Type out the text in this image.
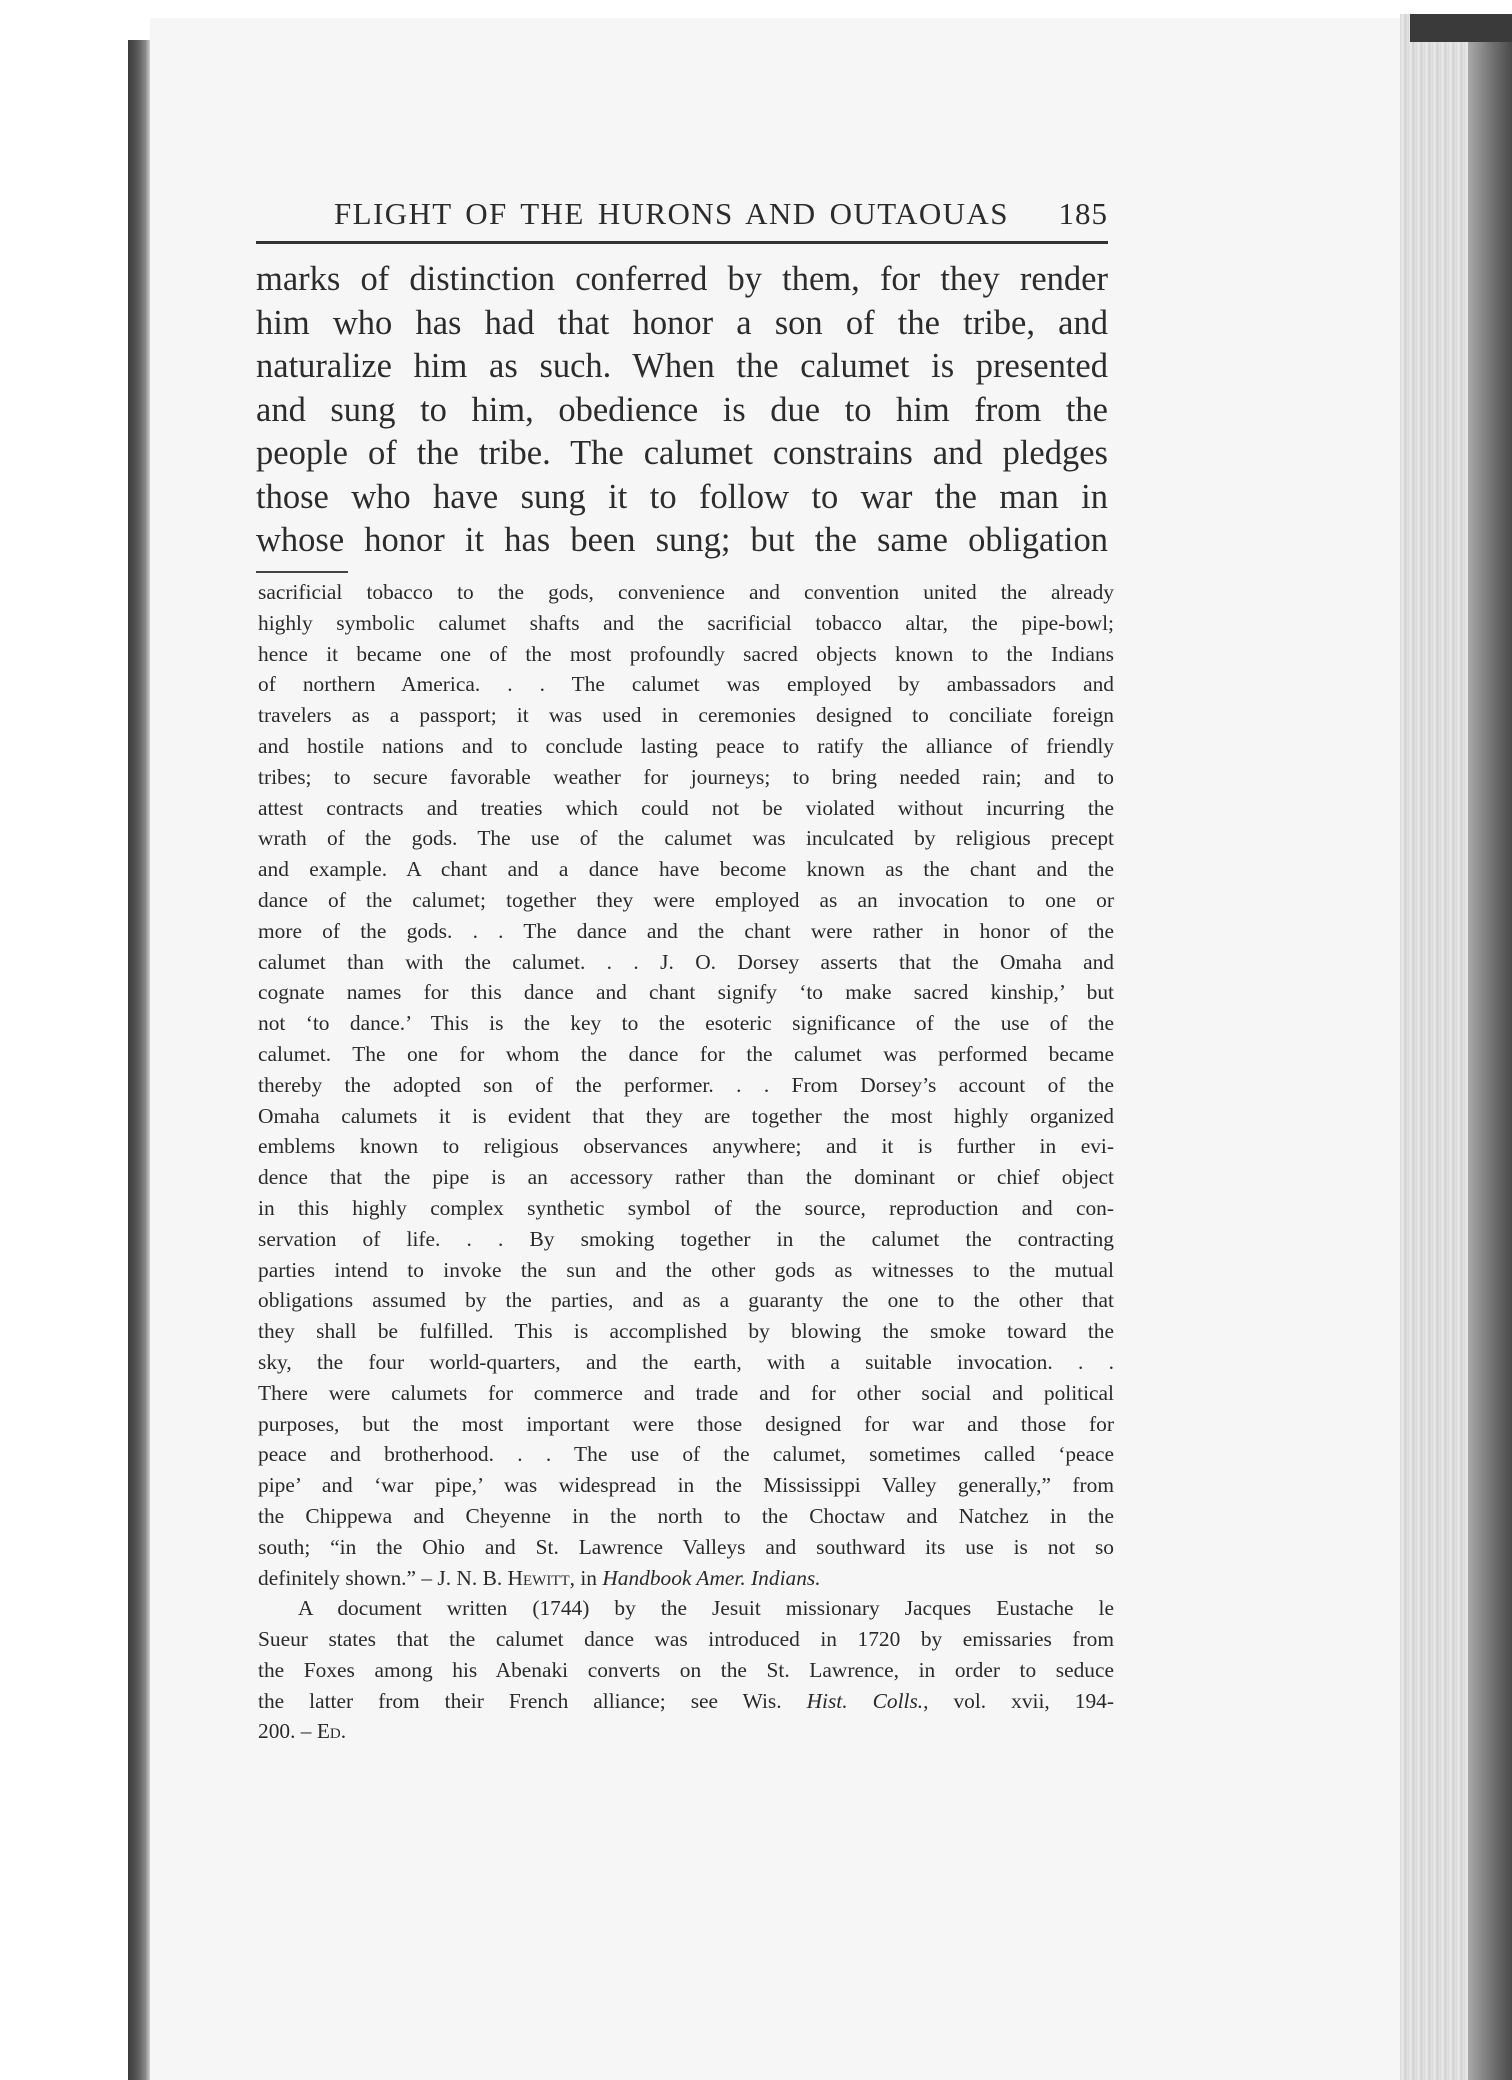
FLIGHT OF THE HURONS AND OUTAOUAS 185
marks of distinction conferred by them, for they render
him who has had that honor a son of the tribe, and
naturalize him as such. When the calumet is presented
and sung to him, obedience is due to him from the
people of the tribe. The calumet constrains and pledges
those who have sung it to follow to war the man in
whose honor it has been sung; but the same obligation
sacrificial tobacco to the gods, convenience and convention united the already
highly symbolic calumet shafts and the sacrificial tobacco altar, the pipe-bowl;
hence it became one of the most profoundly sacred objects known to the Indians
of northern America. . . The calumet was employed by ambassadors and
travelers as a passport; it was used in ceremonies designed to conciliate foreign
and hostile nations and to conclude lasting peace to ratify the alliance of friendly
tribes; to secure favorable weather for journeys; to bring needed rain; and to
attest contracts and treaties which could not be violated without incurring the
wrath of the gods. The use of the calumet was inculcated by religious precept
and example. A chant and a dance have become known as the chant and the
dance of the calumet; together they were employed as an invocation to one or
more of the gods. . . The dance and the chant were rather in honor of the
calumet than with the calumet. . . J. O. Dorsey asserts that the Omaha and
cognate names for this dance and chant signify ‘to make sacred kinship,’ but
not ‘to dance.’ This is the key to the esoteric significance of the use of the
calumet. The one for whom the dance for the calumet was performed became
thereby the adopted son of the performer. . . From Dorsey’s account of the
Omaha calumets it is evident that they are together the most highly organized
emblems known to religious observances anywhere; and it is further in evi-
dence that the pipe is an accessory rather than the dominant or chief object
in this highly complex synthetic symbol of the source, reproduction and con-
servation of life. . . By smoking together in the calumet the contracting
parties intend to invoke the sun and the other gods as witnesses to the mutual
obligations assumed by the parties, and as a guaranty the one to the other that
they shall be fulfilled. This is accomplished by blowing the smoke toward the
sky, the four world-quarters, and the earth, with a suitable invocation. . .
There were calumets for commerce and trade and for other social and political
purposes, but the most important were those designed for war and those for
peace and brotherhood. . . The use of the calumet, sometimes called ‘peace
pipe’ and ‘war pipe,’ was widespread in the Mississippi Valley generally,” from
the Chippewa and Cheyenne in the north to the Choctaw and Natchez in the
south; “in the Ohio and St. Lawrence Valleys and southward its use is not so
definitely shown.” – J. N. B. Hewitt, in Handbook Amer. Indians.
A document written (1744) by the Jesuit missionary Jacques Eustache le
Sueur states that the calumet dance was introduced in 1720 by emissaries from
the Foxes among his Abenaki converts on the St. Lawrence, in order to seduce
the latter from their French alliance; see Wis. Hist. Colls., vol. xvii, 194-
200. – Ed.
